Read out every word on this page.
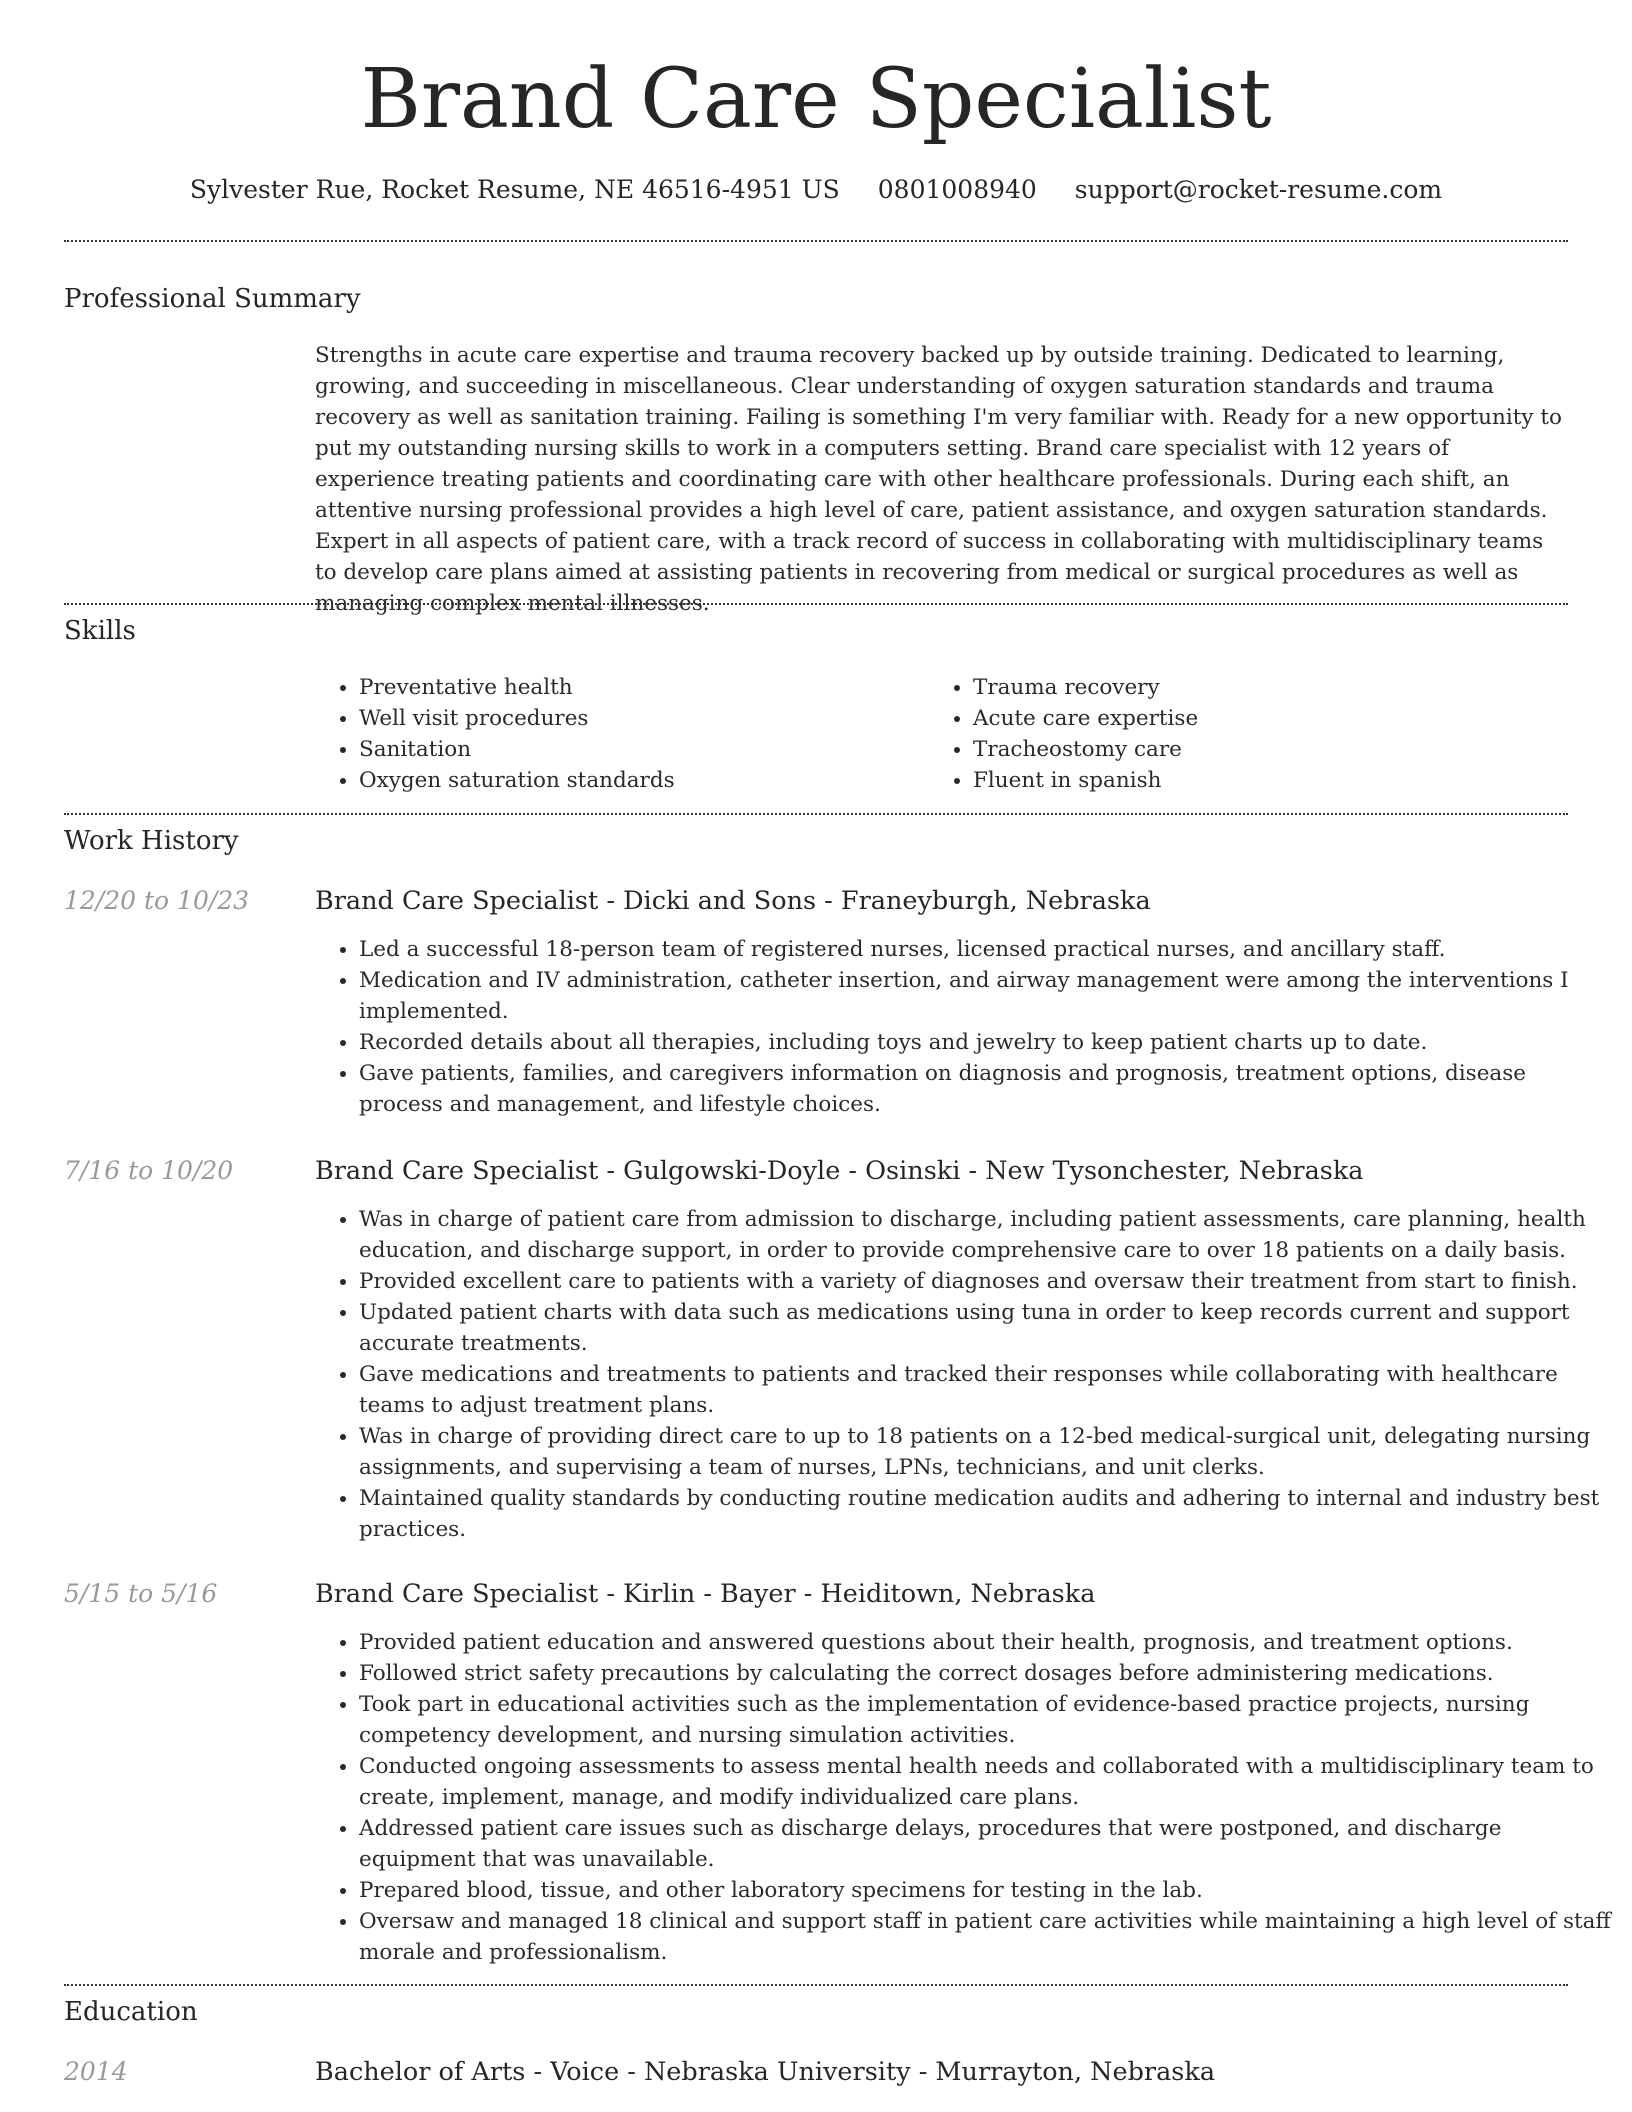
Brand Care Specialist
Sylvester Rue, Rocket Resume, NE 46516-4951 US 0801008940 support@rocket-resume.com
Professional Summary

Strengths in acute care expertise and trauma recovery backed up by outside training. Dedicated to learning, growing, and succeeding in miscellaneous. Clear understanding of oxygen saturation standards and trauma recovery as well as sanitation training. Failing is something I'm very familiar with. Ready for a new opportunity to put my outstanding nursing skills to work in a computers setting. Brand care specialist with 12 years of experience treating patients and coordinating care with other healthcare professionals. During each shift, an attentive nursing professional provides a high level of care, patient assistance, and oxygen saturation standards. Expert in all aspects of patient care, with a track record of success in collaborating with multidisciplinary teams to develop care plans aimed at assisting patients in recovering from medical or surgical procedures as well as managing complex mental illnesses.

Skills
• Preventative health
• Well visit procedures
• Sanitation
• Oxygen saturation standards
• Trauma recovery
• Acute care expertise
• Tracheostomy care
• Fluent in spanish
Work History
12/20 to 10/23	Brand Care Specialist - Dicki and Sons - Franeyburgh, Nebraska
• Led a successful 18-person team of registered nurses, licensed practical nurses, and ancillary staff.
• Medication and IV administration, catheter insertion, and airway management were among the interventions I implemented.
• Recorded details about all therapies, including toys and jewelry to keep patient charts up to date.
• Gave patients, families, and caregivers information on diagnosis and prognosis, treatment options, disease process and management, and lifestyle choices.
7/16 to 10/20	Brand Care Specialist - Gulgowski-Doyle - Osinski - New Tysonchester, Nebraska
• Was in charge of patient care from admission to discharge, including patient assessments, care planning, health education, and discharge support, in order to provide comprehensive care to over 18 patients on a daily basis.
• Provided excellent care to patients with a variety of diagnoses and oversaw their treatment from start to finish.
• Updated patient charts with data such as medications using tuna in order to keep records current and support accurate treatments.
• Gave medications and treatments to patients and tracked their responses while collaborating with healthcare teams to adjust treatment plans.
• Was in charge of providing direct care to up to 18 patients on a 12-bed medical-surgical unit, delegating nursing assignments, and supervising a team of nurses, LPNs, technicians, and unit clerks.
• Maintained quality standards by conducting routine medication audits and adhering to internal and industry best practices.
5/15 to 5/16	Brand Care Specialist - Kirlin - Bayer - Heiditown, Nebraska
• Provided patient education and answered questions about their health, prognosis, and treatment options.
• Followed strict safety precautions by calculating the correct dosages before administering medications.
• Took part in educational activities such as the implementation of evidence-based practice projects, nursing competency development, and nursing simulation activities.
• Conducted ongoing assessments to assess mental health needs and collaborated with a multidisciplinary team to create, implement, manage, and modify individualized care plans.
• Addressed patient care issues such as discharge delays, procedures that were postponed, and discharge equipment that was unavailable.
• Prepared blood, tissue, and other laboratory specimens for testing in the lab.
• Oversaw and managed 18 clinical and support staff in patient care activities while maintaining a high level of staff morale and professionalism.
Education
2014	Bachelor of Arts - Voice - Nebraska University - Murrayton, Nebraska
